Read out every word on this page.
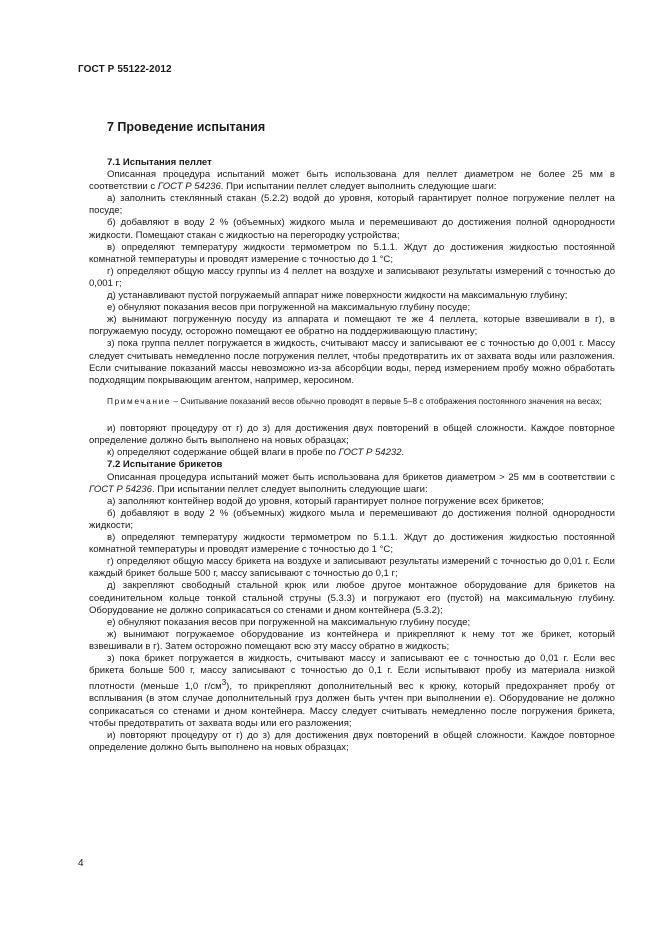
ГОСТ Р 55122-2012
7 Проведение испытания

7.1 Испытания пеллет

Описанная процедура испытаний может быть использована для пеллет диаметром не более 25 мм в соответствии с ГОСТ Р 54236. При испытании пеллет следует выполнить следующие шаги:

а) заполнить стеклянный стакан (5.2.2) водой до уровня, который гарантирует полное погружение пеллет на посуде;

б) добавляют в воду 2 % (объемных) жидкого мыла и перемешивают до достижения полной однородности жидкости. Помещают стакан с жидкостью на перегородку устройства;

в) определяют температуру жидкости термометром по 5.1.1. Ждут до достижения жидкостью постоянной комнатной температуры и проводят измерение с точностью до 1 °С;

г) определяют общую массу группы из 4 пеллет на воздухе и записывают результаты измерений с точностью до 0,001 г;

д) устанавливают пустой погружаемый аппарат ниже поверхности жидкости на максимальную глубину;

е) обнуляют показания весов при погруженной на максимальную глубину посуде;

ж) вынимают погруженную посуду из аппарата и помещают те же 4 пеллета, которые взвешивали в г), в погружаемую посуду, осторожно помещают ее обратно на поддерживающую пластину;

з) пока группа пеллет погружается в жидкость, считывают массу и записывают ее с точностью до 0,001 г. Массу следует считывать немедленно после погружения пеллет, чтобы предотвратить их от захвата воды или разложения. Если считывание показаний массы невозможно из-за абсорбции воды, перед измерением пробу можно обработать подходящим покрывающим агентом, например, керосином.

Примечание – Считывание показаний весов обычно проводят в первые 5–8 с отображения постоянного значения на весах;

и) повторяют процедуру от г) до з) для достижения двух повторений в общей сложности. Каждое повторное определение должно быть выполнено на новых образцах;

к) определяют содержание общей влаги в пробе по ГОСТ Р 54232.

7.2 Испытание брикетов

Описанная процедура испытаний может быть использована для брикетов диаметром > 25 мм в соответствии с ГОСТ Р 54236. При испытании пеллет следует выполнить следующие шаги:

а) заполняют контейнер водой до уровня, который гарантирует полное погружение всех брикетов;

б) добавляют в воду 2 % (объемных) жидкого мыла и перемешивают до достижения полной однородности жидкости;

в) определяют температуру жидкости термометром по 5.1.1. Ждут до достижения жидкостью постоянной комнатной температуры и проводят измерение с точностью до 1 °С;

г) определяют общую массу брикета на воздухе и записывают результаты измерений с точностью до 0,01 г. Если каждый брикет больше 500 г, массу записывают с точностью до 0,1 г;

д) закрепляют свободный стальной крюк или любое другое монтажное оборудование для брикетов на соединительном кольце тонкой стальной струны (5.3.3) и погружают его (пустой) на максимальную глубину. Оборудование не должно соприкасаться со стенами и дном контейнера (5.3.2);

е) обнуляют показания весов при погруженной на максимальную глубину посуде;

ж) вынимают погружаемое оборудование из контейнера и прикрепляют к нему тот же брикет, который взвешивали в г). Затем осторожно помещают всю эту массу обратно в жидкость;

з) пока брикет погружается в жидкость, считывают массу и записывают ее с точностью до 0,01 г. Если вес брикета больше 500 г, массу записывают с точностью до 0,1 г. Если испытывают пробу из материала низкой плотности (меньше 1,0 $г/см^3$), то прикрепляют дополнительный вес к крюку, который предохраняет пробу от всплывания (в этом случае дополнительный груз должен быть учтен при выполнении е). Оборудование не должно соприкасаться со стенами и дном контейнера. Массу следует считывать немедленно после погружения брикета, чтобы предотвратить от захвата воды или его разложения;

и) повторяют процедуру от г) до з) для достижения двух повторений в общей сложности. Каждое повторное определение должно быть выполнено на новых образцах;

4
